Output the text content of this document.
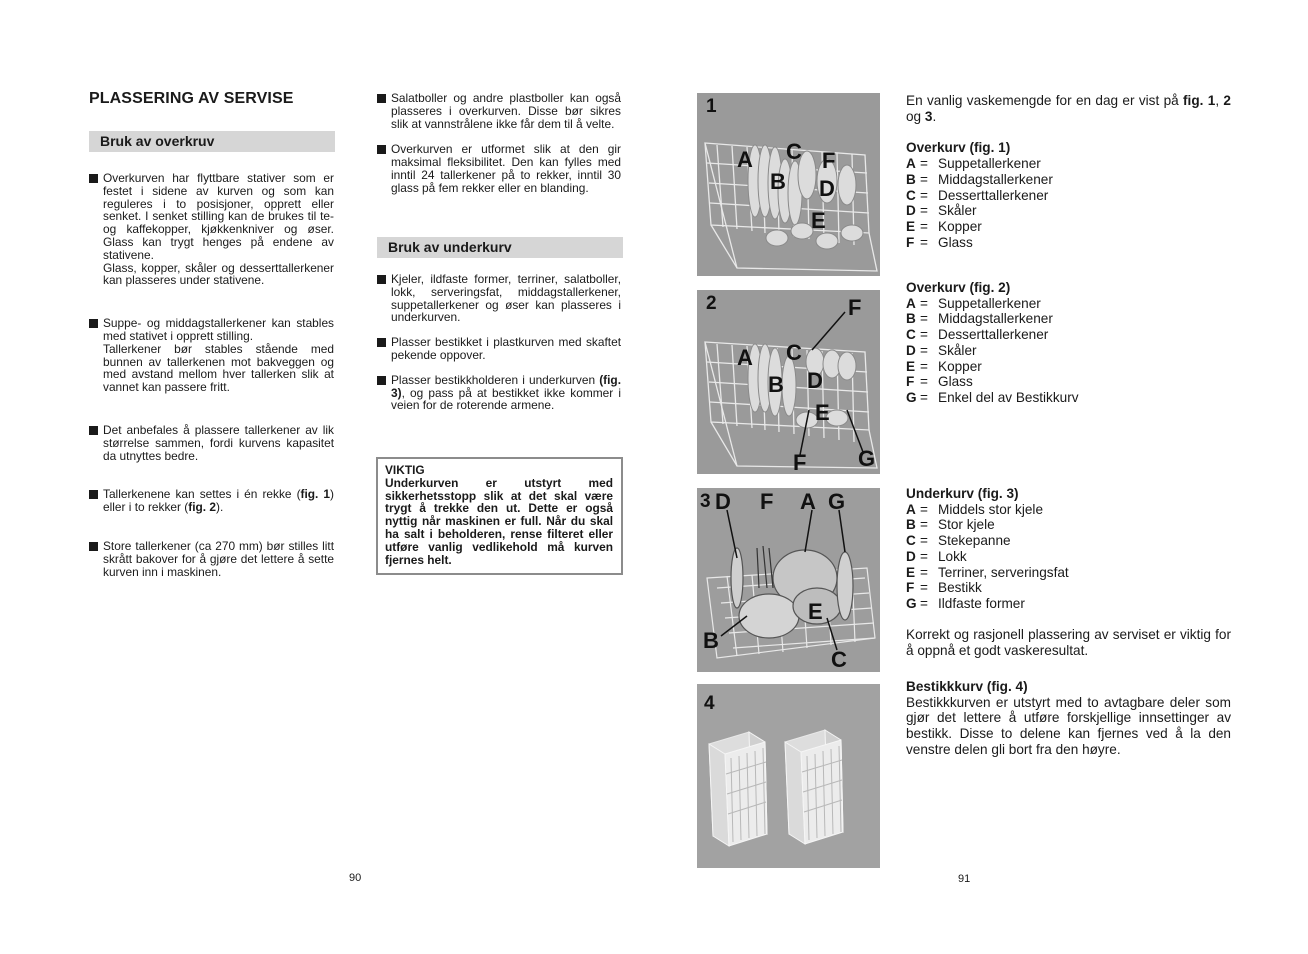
PLASSERING AV SERVISE
Bruk av overkruv

Overkurven har flyttbare stativer som er festet i sidene av kurven og som kan reguleres i to posisjoner, opprett eller senket. I senket stilling kan de brukes til te-og kaffekopper, kjøkkenkniver og øser. Glass kan trygt henges på endene av stativene.

Glass, kopper, skåler og desserttallerkener kan plasseres under stativene.

Suppe- og middagstallerkener kan stables med stativet i opprett stilling.

Tallerkener bør stables stående med bunnen av tallerkenen mot bakveggen og med avstand mellom hver tallerken slik at vannet kan passere fritt.

Det anbefales å plassere tallerkener av lik størrelse sammen, fordi kurvens kapasitet da utnyttes bedre.

Tallerkenene kan settes i én rekke (fig. 1) eller i to rekker (fig. 2).

Store tallerkener (ca 270 mm) bør stilles litt skrått bakover for å gjøre det lettere å sette kurven inn i maskinen.

Salatboller og andre plastboller kan også plasseres i overkurven. Disse bør sikres slik at vannstrålene ikke får dem til å velte.

Overkurven er utformet slik at den gir maksimal fleksibilitet. Den kan fylles med inntil 24 tallerkener på to rekker, inntil 30 glass på fem rekker eller en blanding.

Bruk av underkurv

Kjeler, ildfaste former, terriner, salatboller, lokk, serveringsfat, middagstallerkener, suppetallerkener og øser kan plasseres i underkurven.

Plasser bestikket i plastkurven med skaftet pekende oppover.

Plasser bestikkholderen i underkurven (fig. 3), og pass på at bestikket ikke kommer i veien for de roterende armene.

VIKTIG
Underkurven er utstyrt med sikkerhetsstopp slik at det skal være trygt å trekke den ut. Dette er også nyttig når maskinen er full. Når du skal ha salt i beholderen, rense filteret eller utføre vanlig vedlikehold må kurven fjernes helt.
90
1
A
B
C
D
E
F
2
A
B
C
D
E
F
F G
3 D F A G
E
B
C
4

En vanlig vaskemengde for en dag er vist på fig. 1, 2 og 3.

Overkurv (fig. 1)
A = Suppetallerkener
B = Middagstallerkener
C = Desserttallerkener
D = Skåler
E = Kopper
F = Glass
Overkurv (fig. 2)
A = Suppetallerkener
B = Middagstallerkener
C = Desserttallerkener
D = Skåler
E = Kopper
F = Glass
G = Enkel del av Bestikkurv
Underkurv (fig. 3)
A = Middels stor kjele
B = Stor kjele
C = Stekepanne
D = Lokk
E = Terriner, serveringsfat
F = Bestikk
G = Ildfaste former

Korrekt og rasjonell plassering av serviset er viktig for å oppnå et godt vaskeresultat.

Bestikkkurv (fig. 4)

Bestikkkurven er utstyrt med to avtagbare deler som gjør det lettere å utføre forskjellige innsettinger av bestikk. Disse to delene kan fjernes ved å la den venstre delen gli bort fra den høyre.

91
